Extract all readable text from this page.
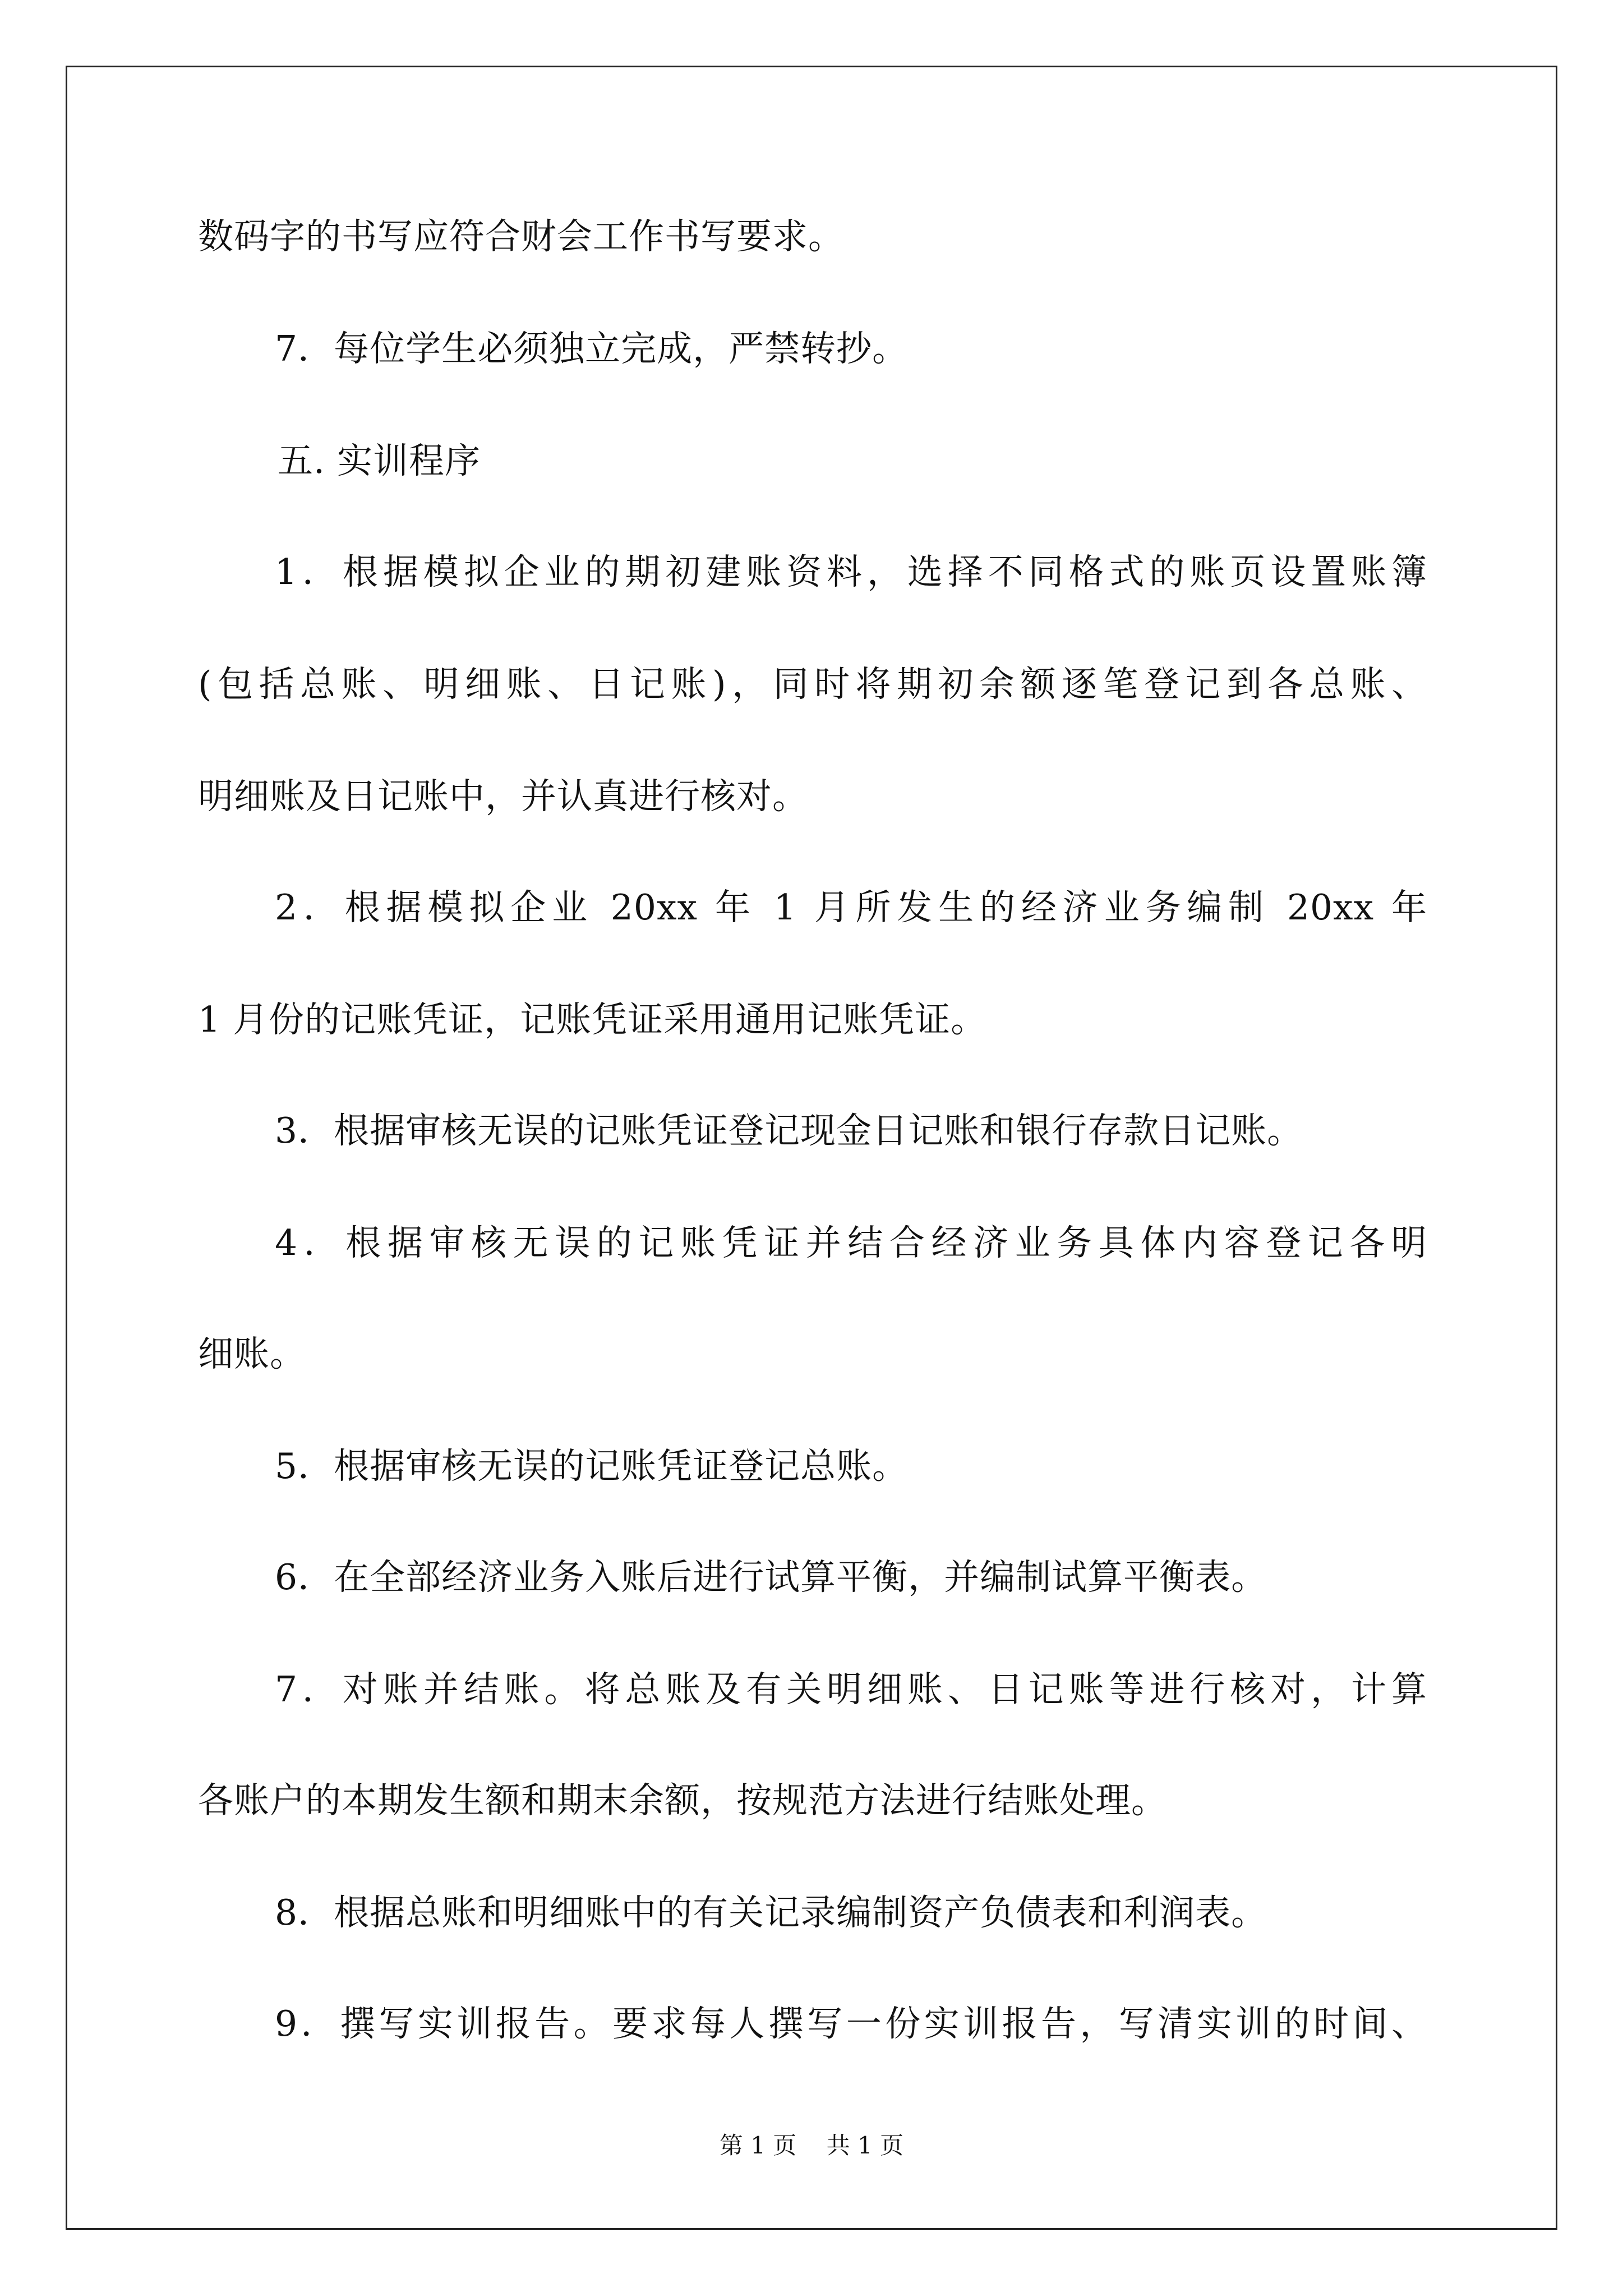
数码字的书写应符合财会工作书写要求。
7．每位学生必须独立完成，严禁转抄。
五. 实训程序
1．根据模拟企业的期初建账资料，选择不同格式的账页设置账簿
(包括总账、明细账、日记账)，同时将期初余额逐笔登记到各总账、
明细账及日记账中，并认真进行核对。
2．根据模拟企业 20xx 年 1 月所发生的经济业务编制 20xx 年
1 月份的记账凭证，记账凭证采用通用记账凭证。
3．根据审核无误的记账凭证登记现金日记账和银行存款日记账。
4．根据审核无误的记账凭证并结合经济业务具体内容登记各明
细账。
5．根据审核无误的记账凭证登记总账。
6．在全部经济业务入账后进行试算平衡，并编制试算平衡表。
7．对账并结账。将总账及有关明细账、日记账等进行核对，计算
各账户的本期发生额和期末余额，按规范方法进行结账处理。
8．根据总账和明细账中的有关记录编制资产负债表和利润表。
9．撰写实训报告。要求每人撰写一份实训报告，写清实训的时间、
第 1 页    共 1 页
